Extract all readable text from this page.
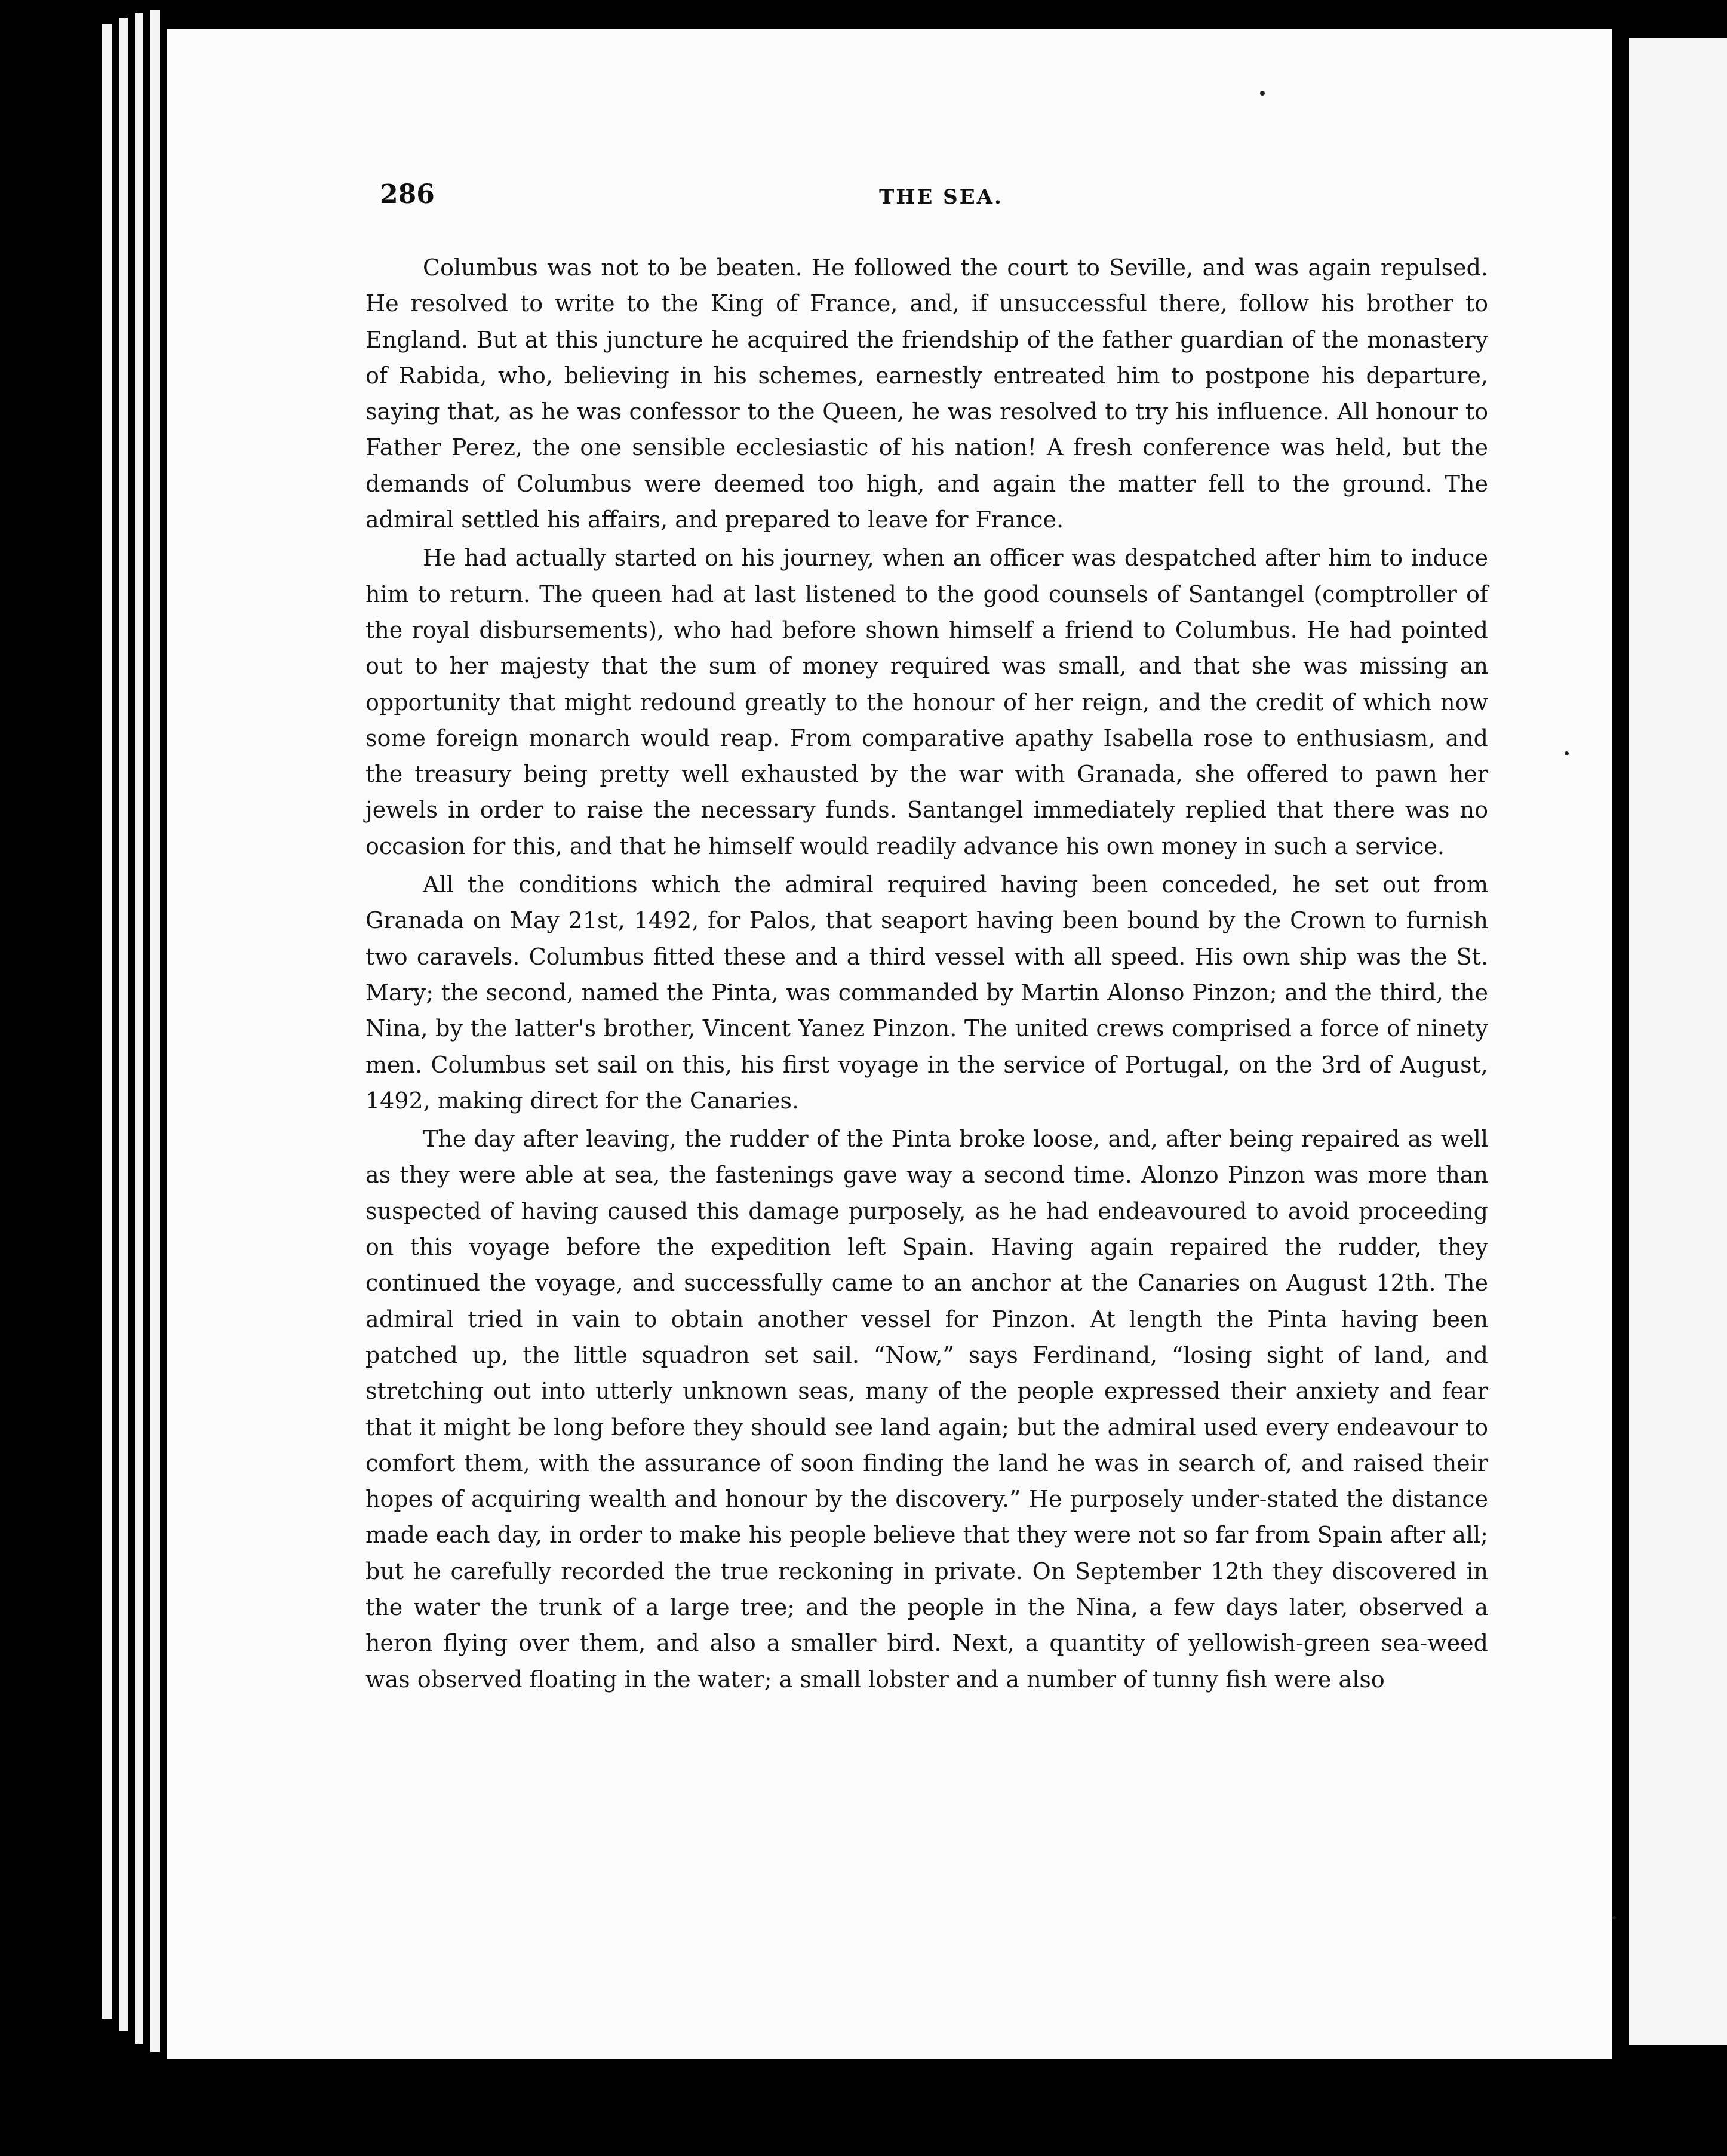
286	THE SEA.

Columbus was not to be beaten. He followed the court to Seville, and was again repulsed. He resolved to write to the King of France, and, if unsuccessful there, follow his brother to England. But at this juncture he acquired the friendship of the father guardian of the monastery of Rabida, who, believing in his schemes, earnestly entreated him to postpone his departure, saying that, as he was confessor to the Queen, he was resolved to try his influence. All honour to Father Perez, the one sensible ecclesiastic of his nation! A fresh conference was held, but the demands of Columbus were deemed too high, and again the matter fell to the ground. The admiral settled his affairs, and prepared to leave for France.

He had actually started on his journey, when an officer was despatched after him to induce him to return. The queen had at last listened to the good counsels of Santangel (comptroller of the royal disbursements), who had before shown himself a friend to Columbus. He had pointed out to her majesty that the sum of money required was small, and that she was missing an opportunity that might redound greatly to the honour of her reign, and the credit of which now some foreign monarch would reap. From comparative apathy Isabella rose to enthusiasm, and the treasury being pretty well exhausted by the war with Granada, she offered to pawn her jewels in order to raise the necessary funds. Santangel immediately replied that there was no occasion for this, and that he himself would readily advance his own money in such a service.

All the conditions which the admiral required having been conceded, he set out from Granada on May 21st, 1492, for Palos, that seaport having been bound by the Crown to furnish two caravels. Columbus fitted these and a third vessel with all speed. His own ship was the St. Mary; the second, named the Pinta, was commanded by Martin Alonso Pinzon; and the third, the Nina, by the latter's brother, Vincent Yanez Pinzon. The united crews comprised a force of ninety men. Columbus set sail on this, his first voyage in the service of Portugal, on the 3rd of August, 1492, making direct for the Canaries.

The day after leaving, the rudder of the Pinta broke loose, and, after being repaired as well as they were able at sea, the fastenings gave way a second time. Alonzo Pinzon was more than suspected of having caused this damage purposely, as he had endeavoured to avoid proceeding on this voyage before the expedition left Spain. Having again repaired the rudder, they continued the voyage, and successfully came to an anchor at the Canaries on August 12th. The admiral tried in vain to obtain another vessel for Pinzon. At length the Pinta having been patched up, the little squadron set sail. “Now,” says Ferdinand, “losing sight of land, and stretching out into utterly unknown seas, many of the people expressed their anxiety and fear that it might be long before they should see land again; but the admiral used every endeavour to comfort them, with the assurance of soon finding the land he was in search of, and raised their hopes of acquiring wealth and honour by the discovery.” He purposely under-stated the distance made each day, in order to make his people believe that they were not so far from Spain after all; but he carefully recorded the true reckoning in private. On September 12th they discovered in the water the trunk of a large tree; and the people in the Nina, a few days later, observed a heron flying over them, and also a smaller bird. Next, a quantity of yellowish-green sea-weed was observed floating in the water; a small lobster and a number of tunny fish were also
